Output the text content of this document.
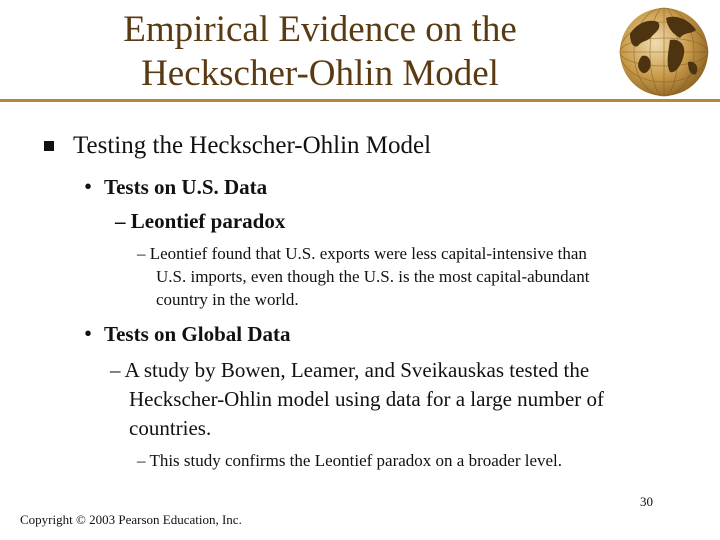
Empirical Evidence on the
Heckscher-Ohlin Model
Testing the Heckscher-Ohlin Model
• Tests on U.S. Data
– Leontief paradox
– Leontief found that U.S. exports were less capital-intensive than
U.S. imports, even though the U.S. is the most capital-abundant
country in the world.
• Tests on Global Data
– A study by Bowen, Leamer, and Sveikauskas tested the
Heckscher-Ohlin model using data for a large number of
countries.
– This study confirms the Leontief paradox on a broader level.
30
Copyright © 2003 Pearson Education, Inc.
